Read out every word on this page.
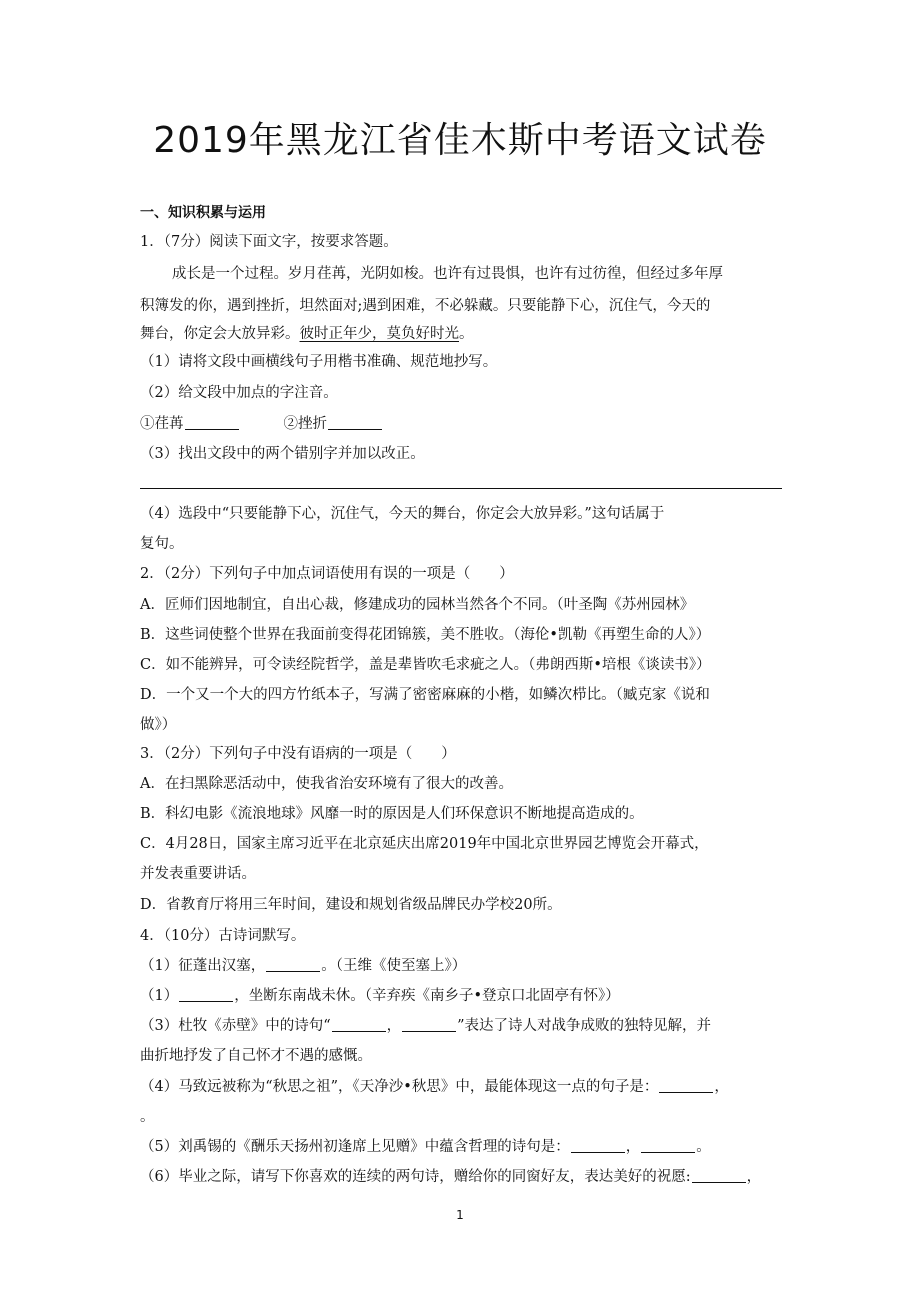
2019年黑龙江省佳木斯中考语文试卷
一、知识积累与运用
1．（7分）阅读下面文字，按要求答题。
成长是一个过程。岁月荏苒，光阴如梭。也许有过畏惧，也许有过彷徨，但经过多年厚
积簿发的你，遇到挫折，坦然面对;遇到困难，不必躲藏。只要能静下心，沉住气，今天的
舞台，你定会大放异彩。彼时正年少，莫负好时光。
（1）请将文段中画横线句子用楷书准确、规范地抄写。
（2）给文段中加点的字注音。
①荏苒	②挫折
（3）找出文段中的两个错别字并加以改正。
（4）选段中“只要能静下心，沉住气，今天的舞台，你定会大放异彩。”这句话属于
复句。
2．（2分）下列句子中加点词语使用有误的一项是（　　）
A．匠师们因地制宜，自出心裁，修建成功的园林当然各个不同。（叶圣陶《苏州园林》
B．这些词使整个世界在我面前变得花团锦簇，美不胜收。（海伦•凯勒《再塑生命的人》）
C．如不能辨异，可令读经院哲学，盖是辈皆吹毛求疵之人。（弗朗西斯•培根《谈读书》）
D．一个又一个大的四方竹纸本子，写满了密密麻麻的小楷，如鳞次栉比。（臧克家《说和
做》）
3．（2分）下列句子中没有语病的一项是（　　）
A．在扫黑除恶活动中，使我省治安环境有了很大的改善。
B．科幻电影《流浪地球》风靡一时的原因是人们环保意识不断地提高造成的。
C．4月28日，国家主席习近平在北京延庆出席2019年中国北京世界园艺博览会开幕式，
并发表重要讲话。
D．省教育厅将用三年时间，建设和规划省级品牌民办学校20所。
4．（10分）古诗词默写。
（1）征蓬出汉塞，	。（王维《使至塞上》）
（1）	，坐断东南战未休。（辛弃疾《南乡子•登京口北固亭有怀》）
（3）杜牧《赤壁》中的诗句“	，	”表达了诗人对战争成败的独特见解，并
曲折地抒发了自己怀才不遇的感慨。
（4）马致远被称为“秋思之祖”，《天净沙•秋思》中，最能体现这一点的句子是：	，
。
（5）刘禹锡的《酬乐天扬州初逢席上见赠》中蕴含哲理的诗句是：	，	。
（6）毕业之际，请写下你喜欢的连续的两句诗，赠给你的同窗好友，表达美好的祝愿:	，
1
